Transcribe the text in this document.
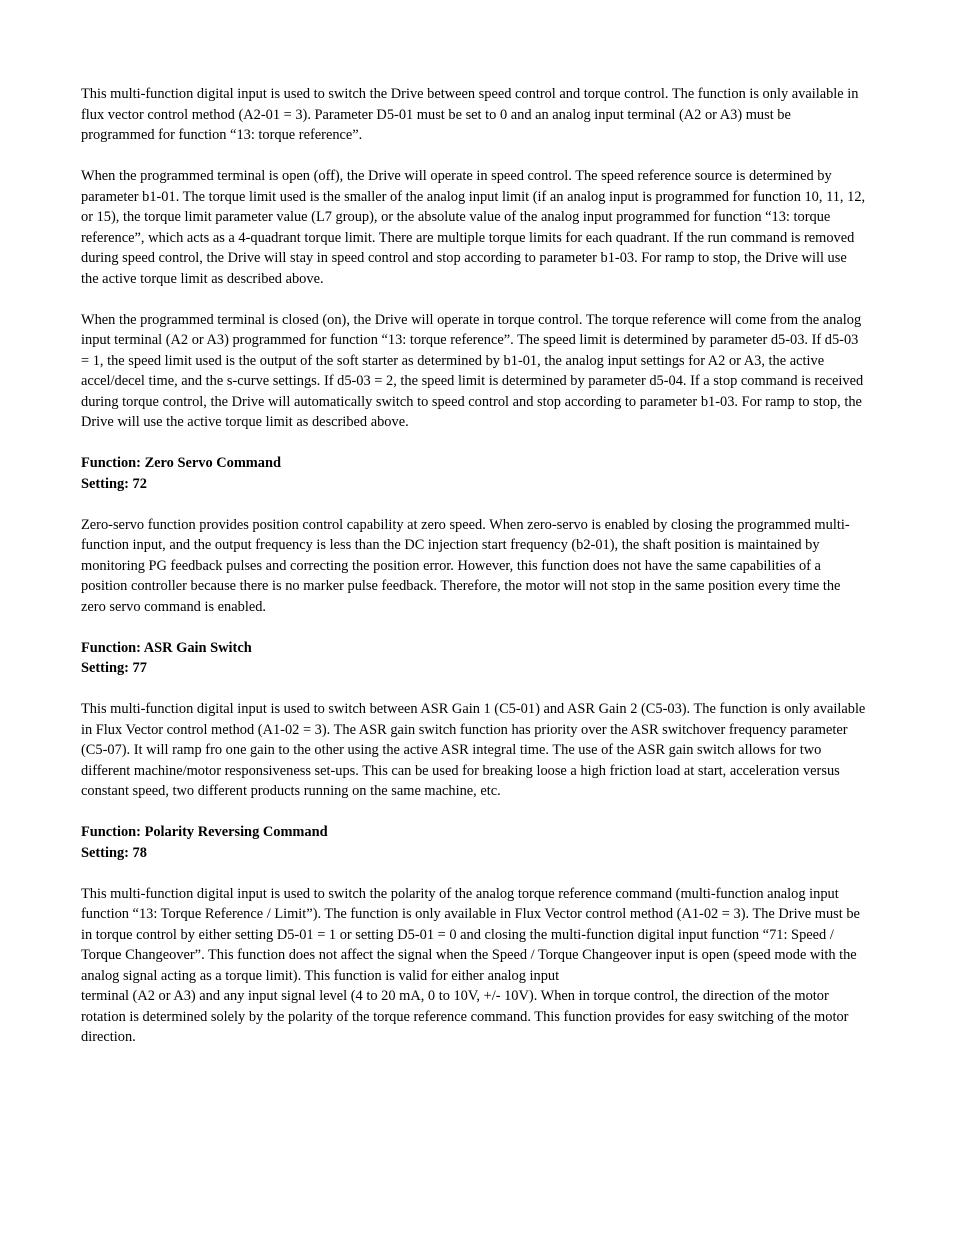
This multi-function digital input is used to switch the Drive between speed control and torque control. The function is only available in flux vector control method (A2-01 = 3). Parameter D5-01 must be set to 0 and an analog input terminal (A2 or A3) must be programmed for function “13: torque reference”.

When the programmed terminal is open (off), the Drive will operate in speed control. The speed reference source is determined by parameter b1-01. The torque limit used is the smaller of the analog input limit (if an analog input is programmed for function 10, 11, 12, or 15), the torque limit parameter value (L7 group), or the absolute value of the analog input programmed for function “13: torque reference”, which acts as a 4-quadrant torque limit. There are multiple torque limits for each quadrant. If the run command is removed during speed control, the Drive will stay in speed control and stop according to parameter b1-03. For ramp to stop, the Drive will use the active torque limit as described above.

When the programmed terminal is closed (on), the Drive will operate in torque control. The torque reference will come from the analog input terminal (A2 or A3) programmed for function “13: torque reference”. The speed limit is determined by parameter d5-03. If d5-03 = 1, the speed limit used is the output of the soft starter as determined by b1-01, the analog input settings for A2 or A3, the active accel/decel time, and the s-curve settings. If d5-03 = 2, the speed limit is determined by parameter d5-04. If a stop command is received during torque control, the Drive will automatically switch to speed control and stop according to parameter b1-03. For ramp to stop, the Drive will use the active torque limit as described above.

Function: Zero Servo Command

Setting: 72

Zero-servo function provides position control capability at zero speed. When zero-servo is enabled by closing the programmed multi-function input, and the output frequency is less than the DC injection start frequency (b2-01), the shaft position is maintained by monitoring PG feedback pulses and correcting the position error. However, this function does not have the same capabilities of a position controller because there is no marker pulse feedback. Therefore, the motor will not stop in the same position every time the zero servo command is enabled.

Function: ASR Gain Switch

Setting: 77

This multi-function digital input is used to switch between ASR Gain 1 (C5-01) and ASR Gain 2 (C5-03). The function is only available in Flux Vector control method (A1-02 = 3). The ASR gain switch function has priority over the ASR switchover frequency parameter (C5-07). It will ramp fro one gain to the other using the active ASR integral time. The use of the ASR gain switch allows for two different machine/motor responsiveness set-ups. This can be used for breaking loose a high friction load at start, acceleration versus constant speed, two different products running on the same machine, etc.

Function: Polarity Reversing Command

Setting: 78

This multi-function digital input is used to switch the polarity of the analog torque reference command (multi-function analog input function “13: Torque Reference / Limit”). The function is only available in Flux Vector control method (A1-02 = 3). The Drive must be in torque control by either setting D5-01 = 1 or setting D5-01 = 0 and closing the multi-function digital input function “71: Speed / Torque Changeover”. This function does not affect the signal when the Speed / Torque Changeover input is open (speed mode with the analog signal acting as a torque limit). This function is valid for either analog input
terminal (A2 or A3) and any input signal level (4 to 20 mA, 0 to 10V, +/- 10V). When in torque control, the direction of the motor rotation is determined solely by the polarity of the torque reference command. This function provides for easy switching of the motor direction.
